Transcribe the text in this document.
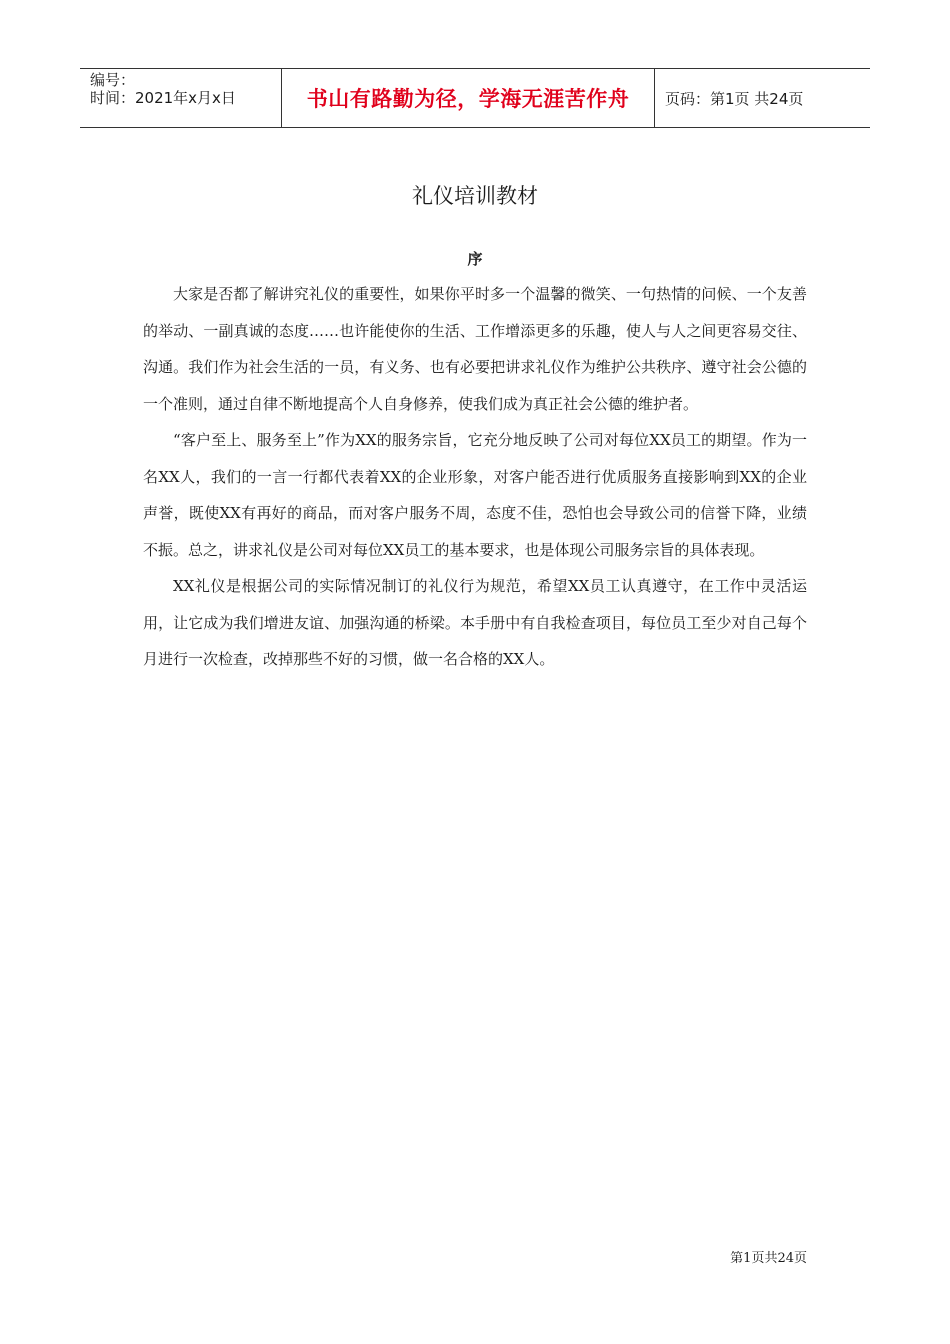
编号：
时间：2021年x月x日	书山有路勤为径，学海无涯苦作舟	页码：第1页 共24页
礼仪培训教材
序

大家是否都了解讲究礼仪的重要性，如果你平时多一个温馨的微笑、一句热情的问候、一个友善的举动、一副真诚的态度……也许能使你的生活、工作增添更多的乐趣，使人与人之间更容易交往、沟通。我们作为社会生活的一员，有义务、也有必要把讲求礼仪作为维护公共秩序、遵守社会公德的一个准则，通过自律不断地提高个人自身修养，使我们成为真正社会公德的维护者。

“客户至上、服务至上”作为XX的服务宗旨，它充分地反映了公司对每位XX员工的期望。作为一名XX人，我们的一言一行都代表着XX的企业形象，对客户能否进行优质服务直接影响到XX的企业声誉，既使XX有再好的商品，而对客户服务不周，态度不佳，恐怕也会导致公司的信誉下降，业绩不振。总之，讲求礼仪是公司对每位XX员工的基本要求，也是体现公司服务宗旨的具体表现。

XX礼仪是根据公司的实际情况制订的礼仪行为规范，希望XX员工认真遵守，在工作中灵活运用，让它成为我们增进友谊、加强沟通的桥梁。本手册中有自我检查项目，每位员工至少对自己每个月进行一次检查，改掉那些不好的习惯，做一名合格的XX人。

第1页共24页
